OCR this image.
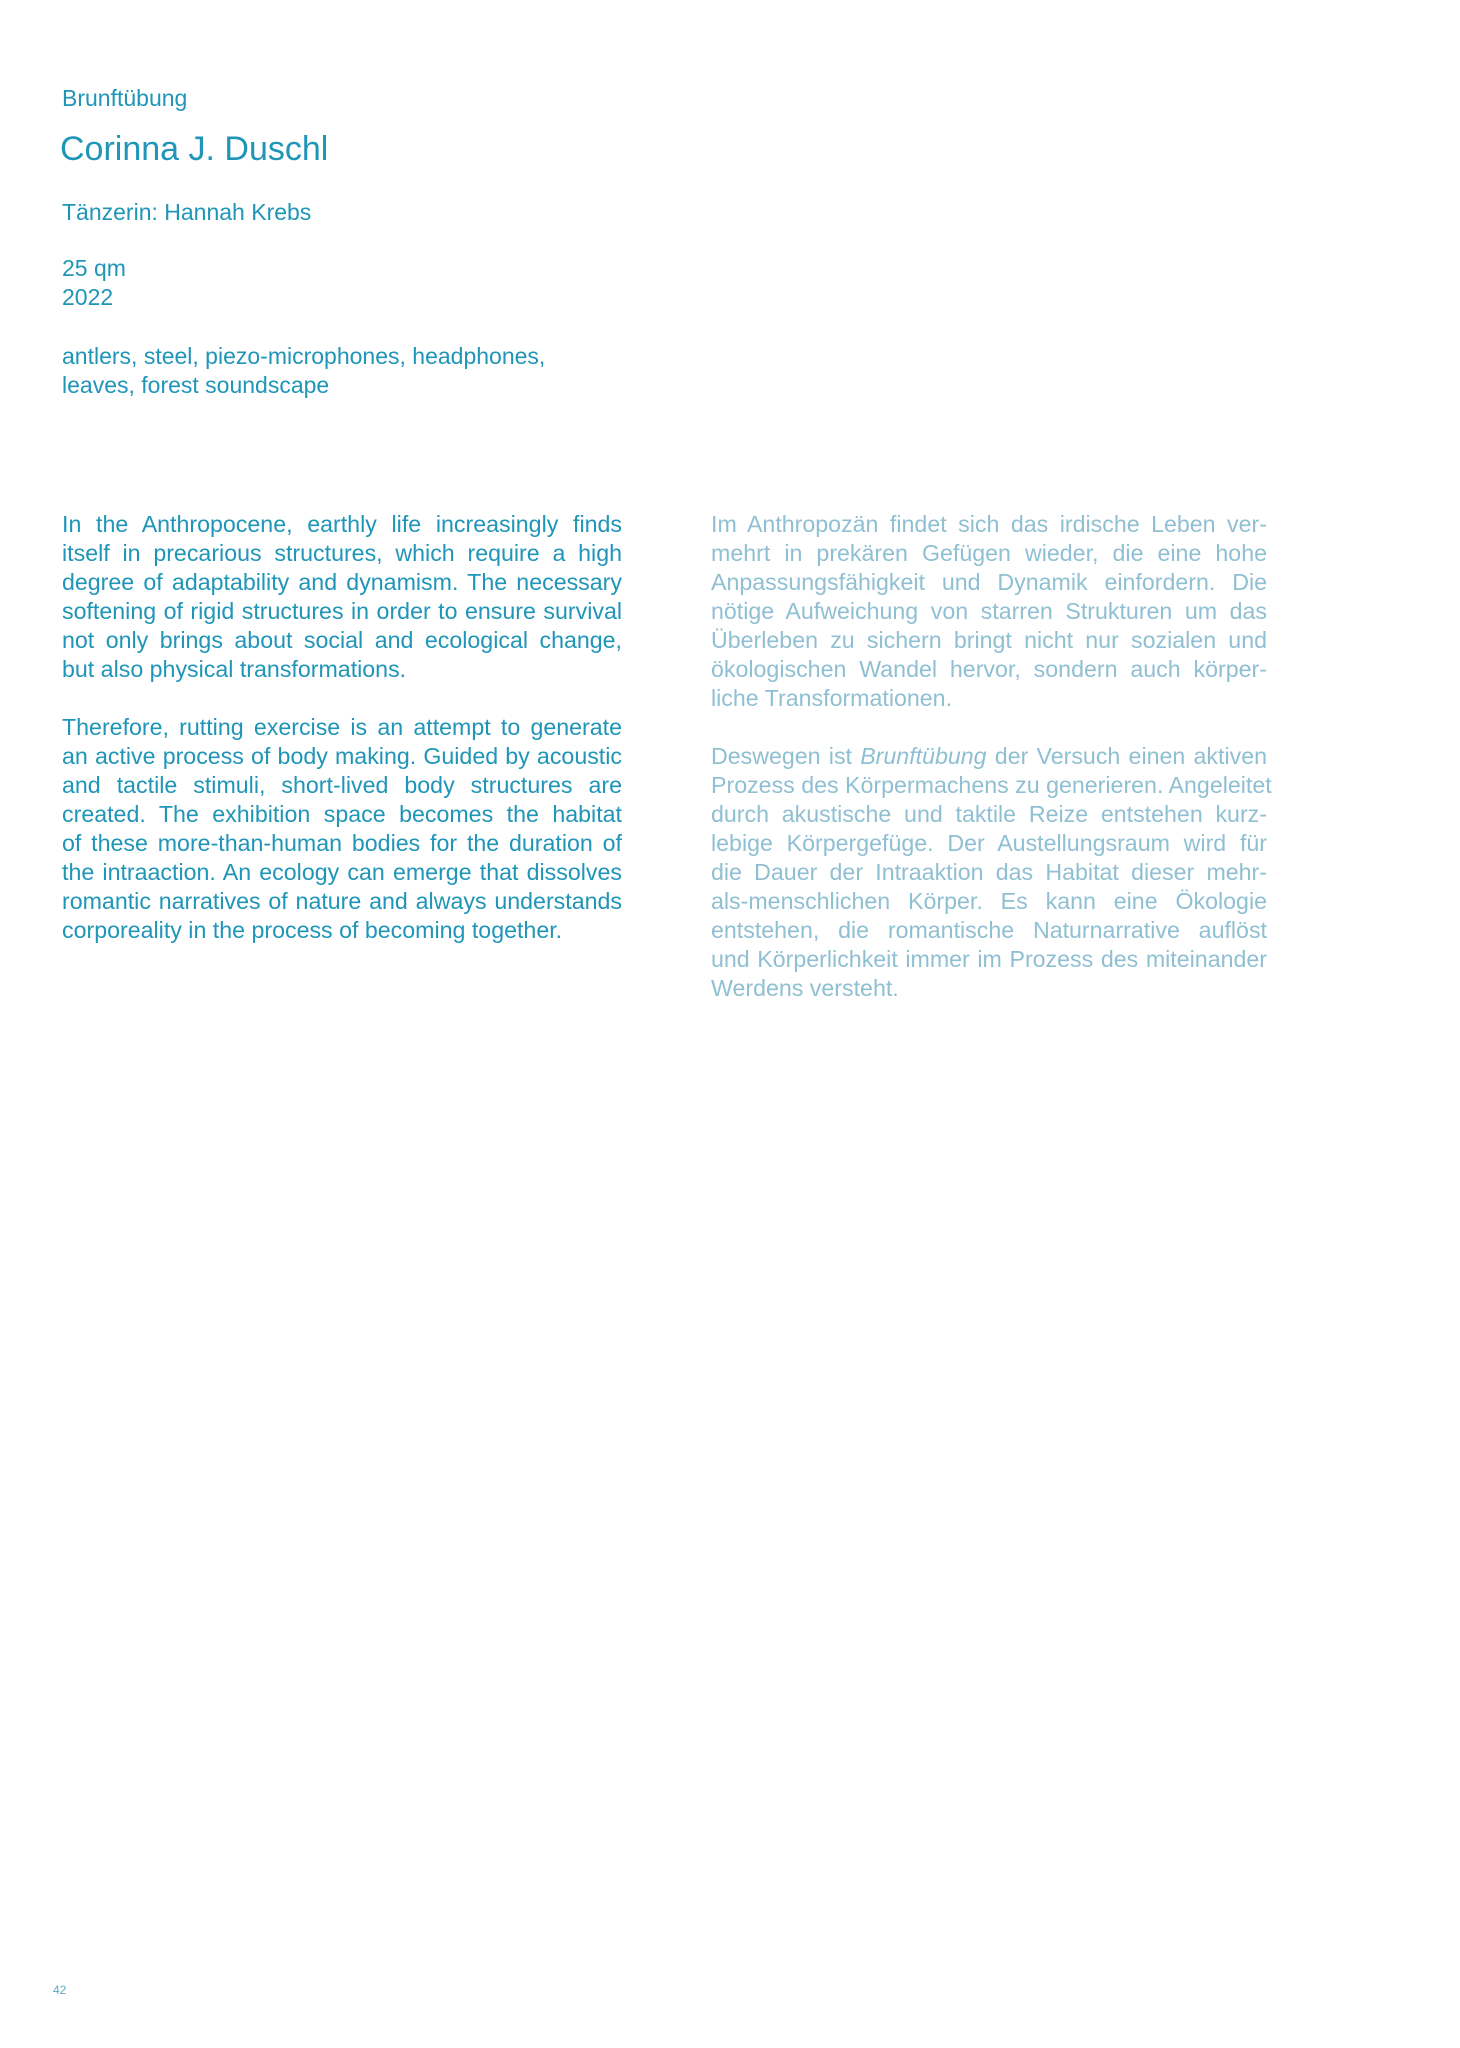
Brunftübung

Corinna J. Duschl

Tänzerin: Hannah Krebs

25 qm
2022
antlers, steel, piezo-microphones, headphones,
leaves, forest soundscape
In the Anthropocene, earthly life increasingly finds
itself in precarious structures, which require a high
degree of adaptability and dynamism. The necessary
softening of rigid structures in order to ensure survival
not only brings about social and ecological change,
but also physical transformations.
Therefore, rutting exercise is an attempt to generate
an active process of body making. Guided by acoustic
and tactile stimuli, short-lived body structures are
created. The exhibition space becomes the habitat
of these more-than-human bodies for the duration of
the intraaction. An ecology can emerge that dissolves
romantic narratives of nature and always understands
corporeality in the process of becoming together.
Im Anthropozän findet sich das irdische Leben ver-
mehrt in prekären Gefügen wieder, die eine hohe
Anpassungsfähigkeit und Dynamik einfordern. Die
nötige Aufweichung von starren Strukturen um das
Überleben zu sichern bringt nicht nur sozialen und
ökologischen Wandel hervor, sondern auch körper-
liche Transformationen.
Deswegen ist Brunftübung der Versuch einen aktiven
Prozess des Körpermachens zu generieren. Angeleitet
durch akustische und taktile Reize entstehen kurz-
lebige Körpergefüge. Der Austellungsraum wird für
die Dauer der Intraaktion das Habitat dieser mehr-
als-menschlichen Körper. Es kann eine Ökologie
entstehen, die romantische Naturnarrative auflöst
und Körperlichkeit immer im Prozess des miteinander
Werdens versteht.
42
